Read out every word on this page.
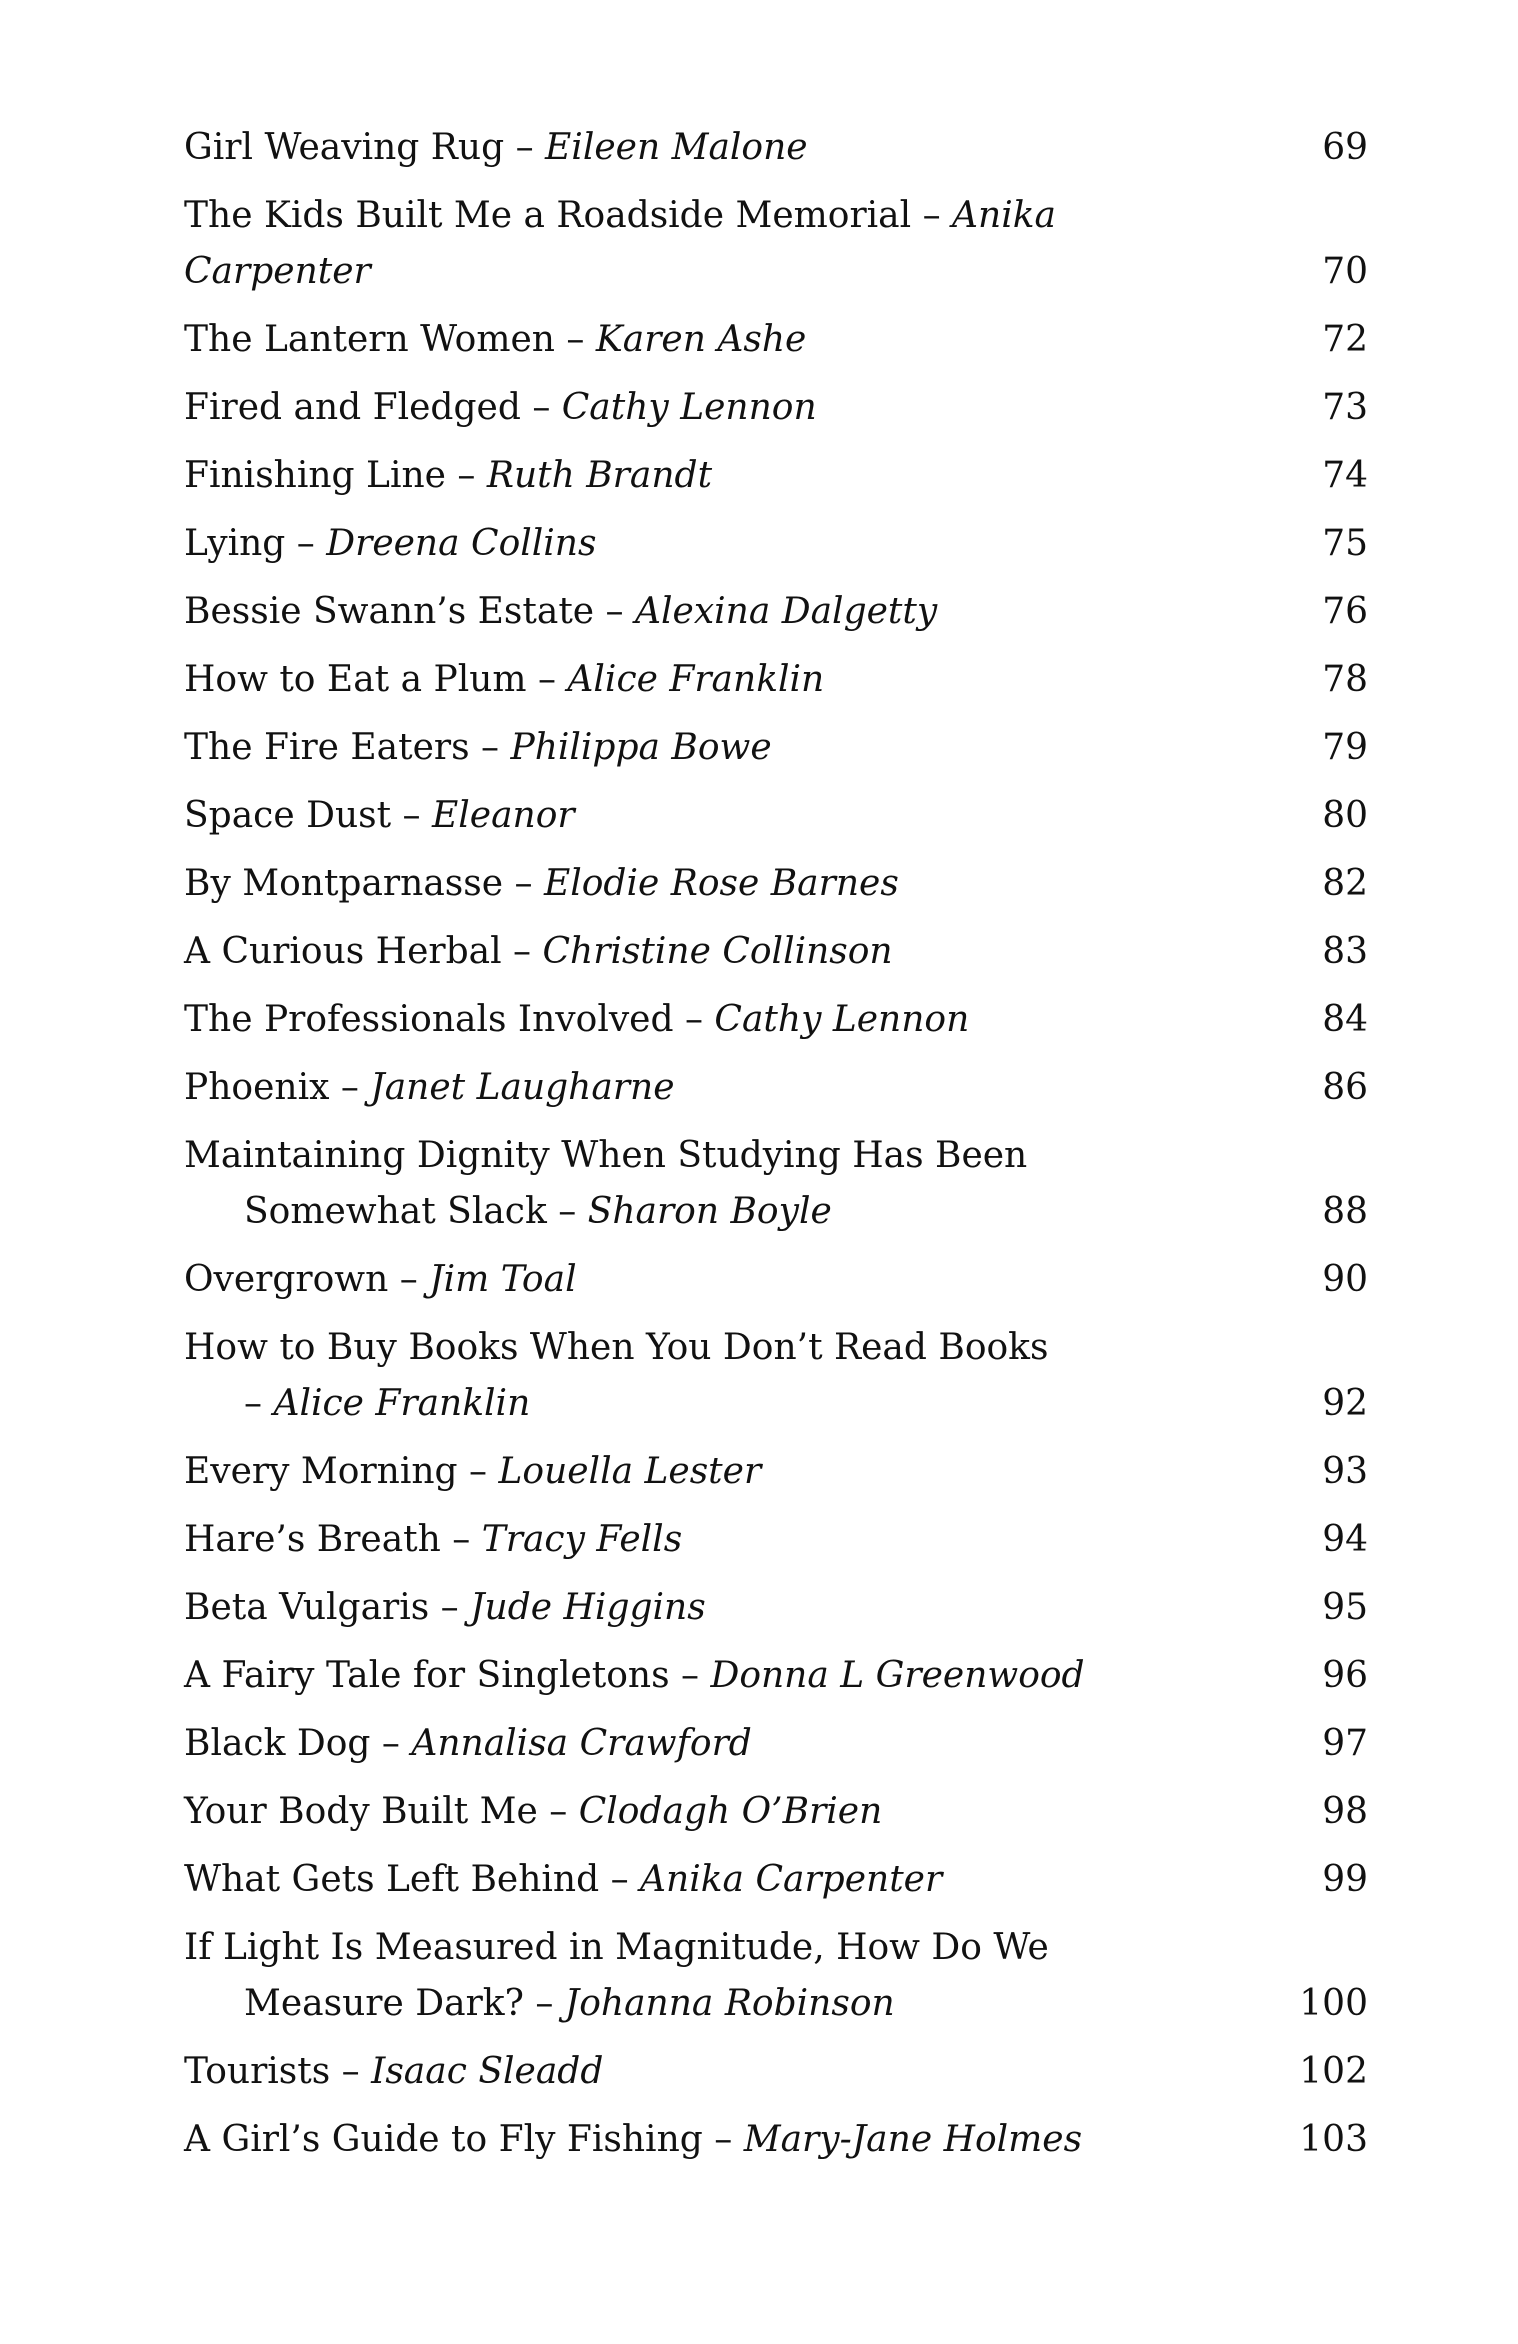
Girl Weaving Rug – Eileen Malone	69
The Kids Built Me a Roadside Memorial – Anika Carpenter	70
The Lantern Women – Karen Ashe	72
Fired and Fledged – Cathy Lennon	73
Finishing Line – Ruth Brandt	74
Lying – Dreena Collins	75
Bessie Swann’s Estate – Alexina Dalgetty	76
How to Eat a Plum – Alice Franklin	78
The Fire Eaters – Philippa Bowe	79
Space Dust – Eleanor	80
By Montparnasse – Elodie Rose Barnes	82
A Curious Herbal – Christine Collinson	83
The Professionals Involved – Cathy Lennon	84
Phoenix – Janet Laugharne	86
Maintaining Dignity When Studying Has Been
Somewhat Slack – Sharon Boyle	88
Overgrown – Jim Toal	90
How to Buy Books When You Don’t Read Books
– Alice Franklin	92
Every Morning – Louella Lester	93
Hare’s Breath – Tracy Fells	94
Beta Vulgaris – Jude Higgins	95
A Fairy Tale for Singletons – Donna L Greenwood	96
Black Dog – Annalisa Crawford	97
Your Body Built Me – Clodagh O’Brien	98
What Gets Left Behind – Anika Carpenter	99
If Light Is Measured in Magnitude, How Do We
Measure Dark? – Johanna Robinson	100
Tourists – Isaac Sleadd	102
A Girl’s Guide to Fly Fishing – Mary-Jane Holmes	103
